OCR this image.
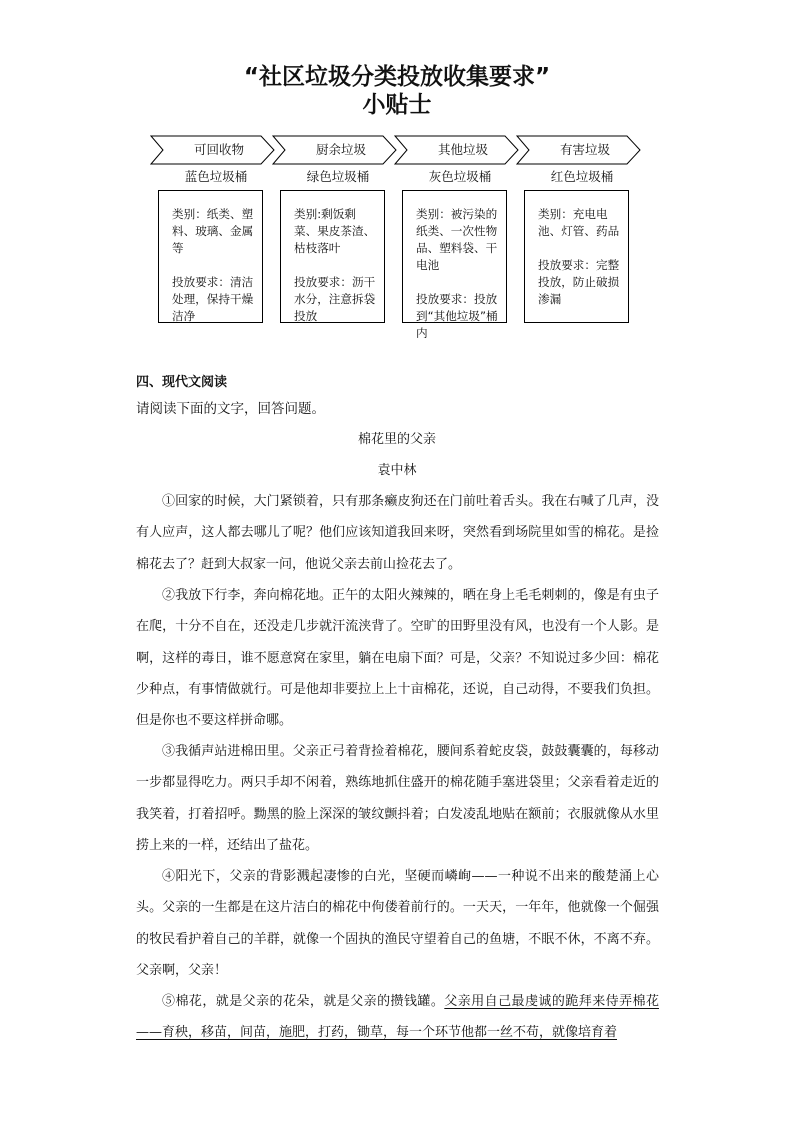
“社区垃圾分类投放收集要求”
小贴士
可回收物	厨余垃圾	其他垃圾	有害垃圾
蓝色垃圾桶	绿色垃圾桶	灰色垃圾桶	红色垃圾桶
类别：纸类、塑料、玻璃、金属等
投放要求：清洁处理，保持干燥洁净
类别:剩饭剩菜、果皮茶渣、枯枝落叶
投放要求：沥干水分，注意拆袋投放
类别：被污染的纸类、一次性物品、塑料袋、干电池
投放要求：投放到“其他垃圾”桶内
类别：充电电池、灯管、药品
投放要求：完整投放，防止破损渗漏
四、现代文阅读
请阅读下面的文字，回答问题。
棉花里的父亲
袁中林

①回家的时候，大门紧锁着，只有那条癞皮狗还在门前吐着舌头。我在右喊了几声，没有人应声，这人都去哪儿了呢？他们应该知道我回来呀，突然看到场院里如雪的棉花。是捡棉花去了？赶到大叔家一问，他说父亲去前山捡花去了。

②我放下行李，奔向棉花地。正午的太阳火辣辣的，晒在身上毛毛刺刺的，像是有虫子在爬，十分不自在，还没走几步就汗流浃背了。空旷的田野里没有风，也没有一个人影。是啊，这样的毒日，谁不愿意窝在家里，躺在电扇下面？可是，父亲？不知说过多少回：棉花少种点，有事情做就行。可是他却非要拉上上十亩棉花，还说，自己动得，不要我们负担。但是你也不要这样拼命哪。

③我循声站进棉田里。父亲正弓着背捡着棉花，腰间系着蛇皮袋，鼓鼓囊囊的，每移动一步都显得吃力。两只手却不闲着，熟练地抓住盛开的棉花随手塞进袋里；父亲看着走近的我笑着，打着招呼。黝黑的脸上深深的皱纹颤抖着；白发凌乱地贴在额前；衣服就像从水里捞上来的一样，还结出了盐花。

④阳光下，父亲的背影溅起凄惨的白光，坚硬而嶙峋——一种说不出来的酸楚涌上心头。父亲的一生都是在这片洁白的棉花中佝偻着前行的。一天天，一年年，他就像一个倔强的牧民看护着自己的羊群，就像一个固执的渔民守望着自己的鱼塘，不眠不休，不离不弃。父亲啊，父亲！

⑤棉花，就是父亲的花朵，就是父亲的攒钱罐。父亲用自己最虔诚的跪拜来侍弄棉花——育秧，移苗，间苗，施肥，打药，锄草，每一个环节他都一丝不苟，就像培育着
